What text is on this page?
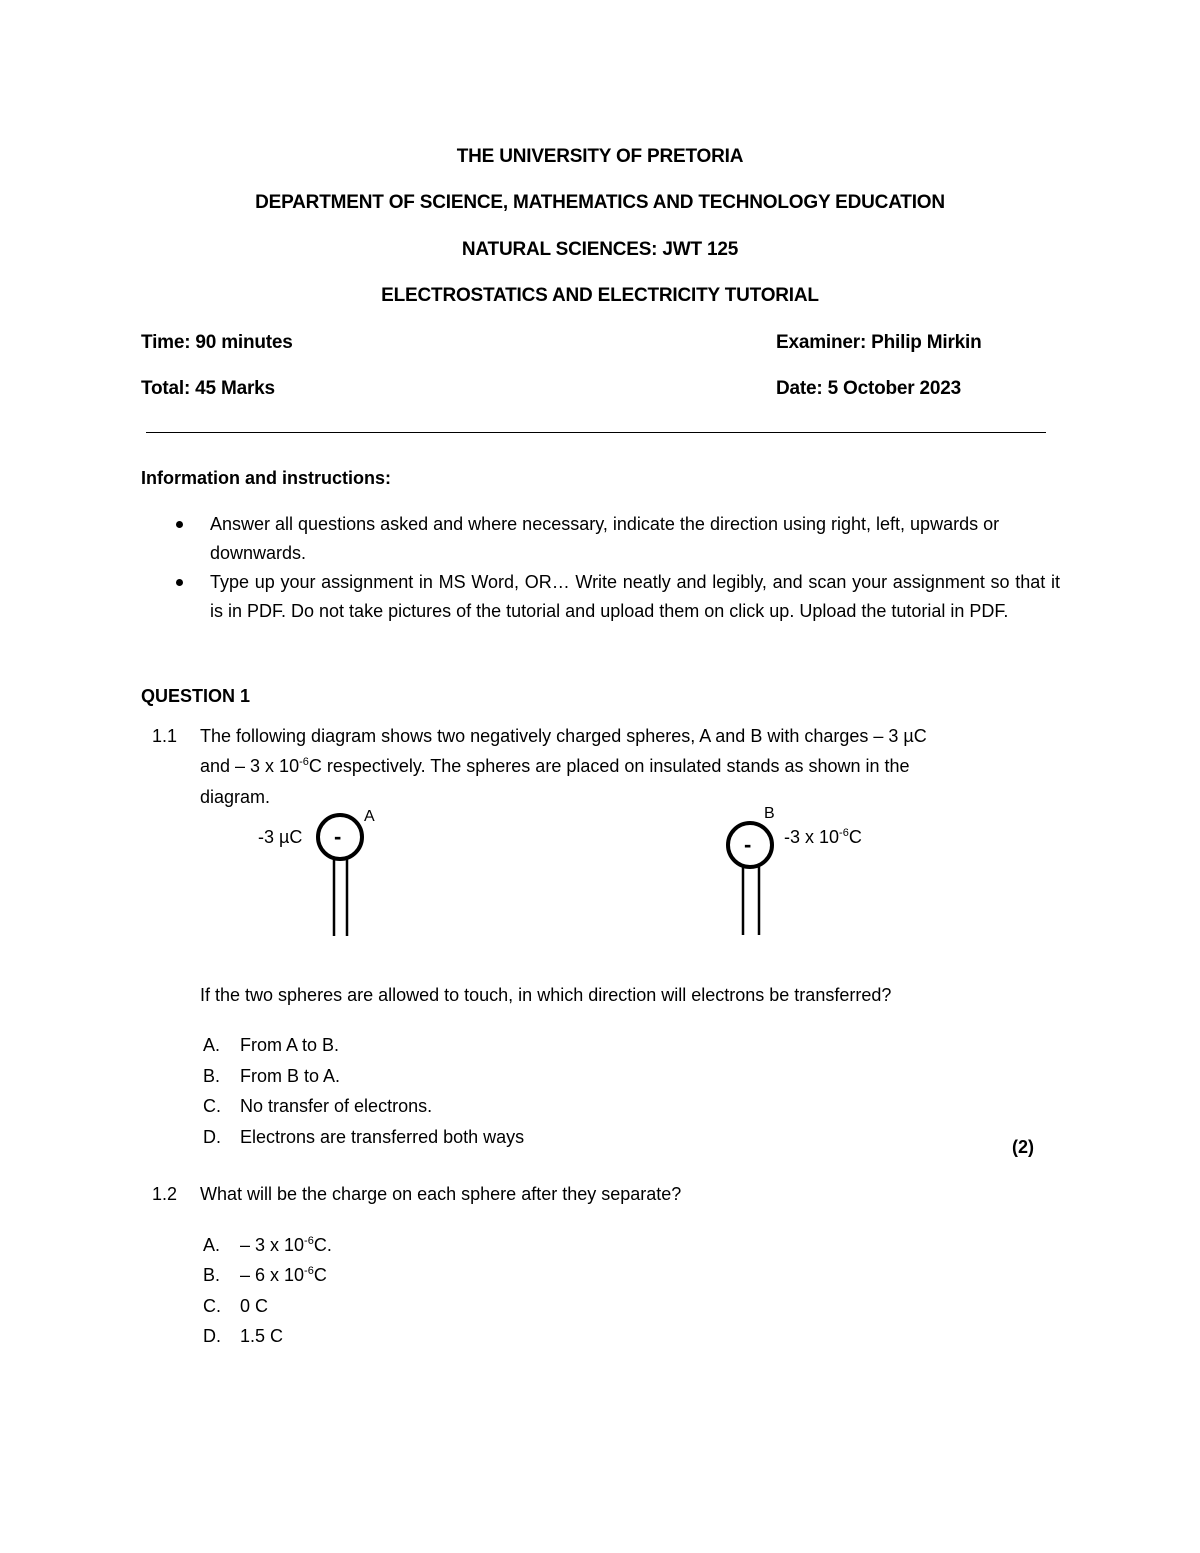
THE UNIVERSITY OF PRETORIA
DEPARTMENT OF SCIENCE, MATHEMATICS AND TECHNOLOGY EDUCATION
NATURAL SCIENCES: JWT 125
ELECTROSTATICS AND ELECTRICITY TUTORIAL
Time: 90 minutes	Examiner: Philip Mirkin
Total: 45 Marks	Date: 5 October 2023
Information and instructions:
Answer all questions asked and where necessary, indicate the direction using right, left, upwards or downwards.
Type up your assignment in MS Word, OR… Write neatly and legibly, and scan your assignment so that it is in PDF. Do not take pictures of the tutorial and upload them on click up. Upload the tutorial in PDF.
QUESTION 1
1.1 The following diagram shows two negatively charged spheres, A and B with charges – 3 µC
and – 3 x $10^{-6}C$ respectively. The spheres are placed on insulated stands as shown in the
diagram.
-
A
-3 µC	-
B
-3 x $10^{-6}C$
If the two spheres are allowed to touch, in which direction will electrons be transferred?
A. From A to B.
B. From B to A.
C. No transfer of electrons.
D. Electrons are transferred both ways	(2)
1.2 What will be the charge on each sphere after they separate?
A. – 3 x $10^{-6}C$.
B. – 6 x $10^{-6}C$
C. 0 C
D. 1.5 C
